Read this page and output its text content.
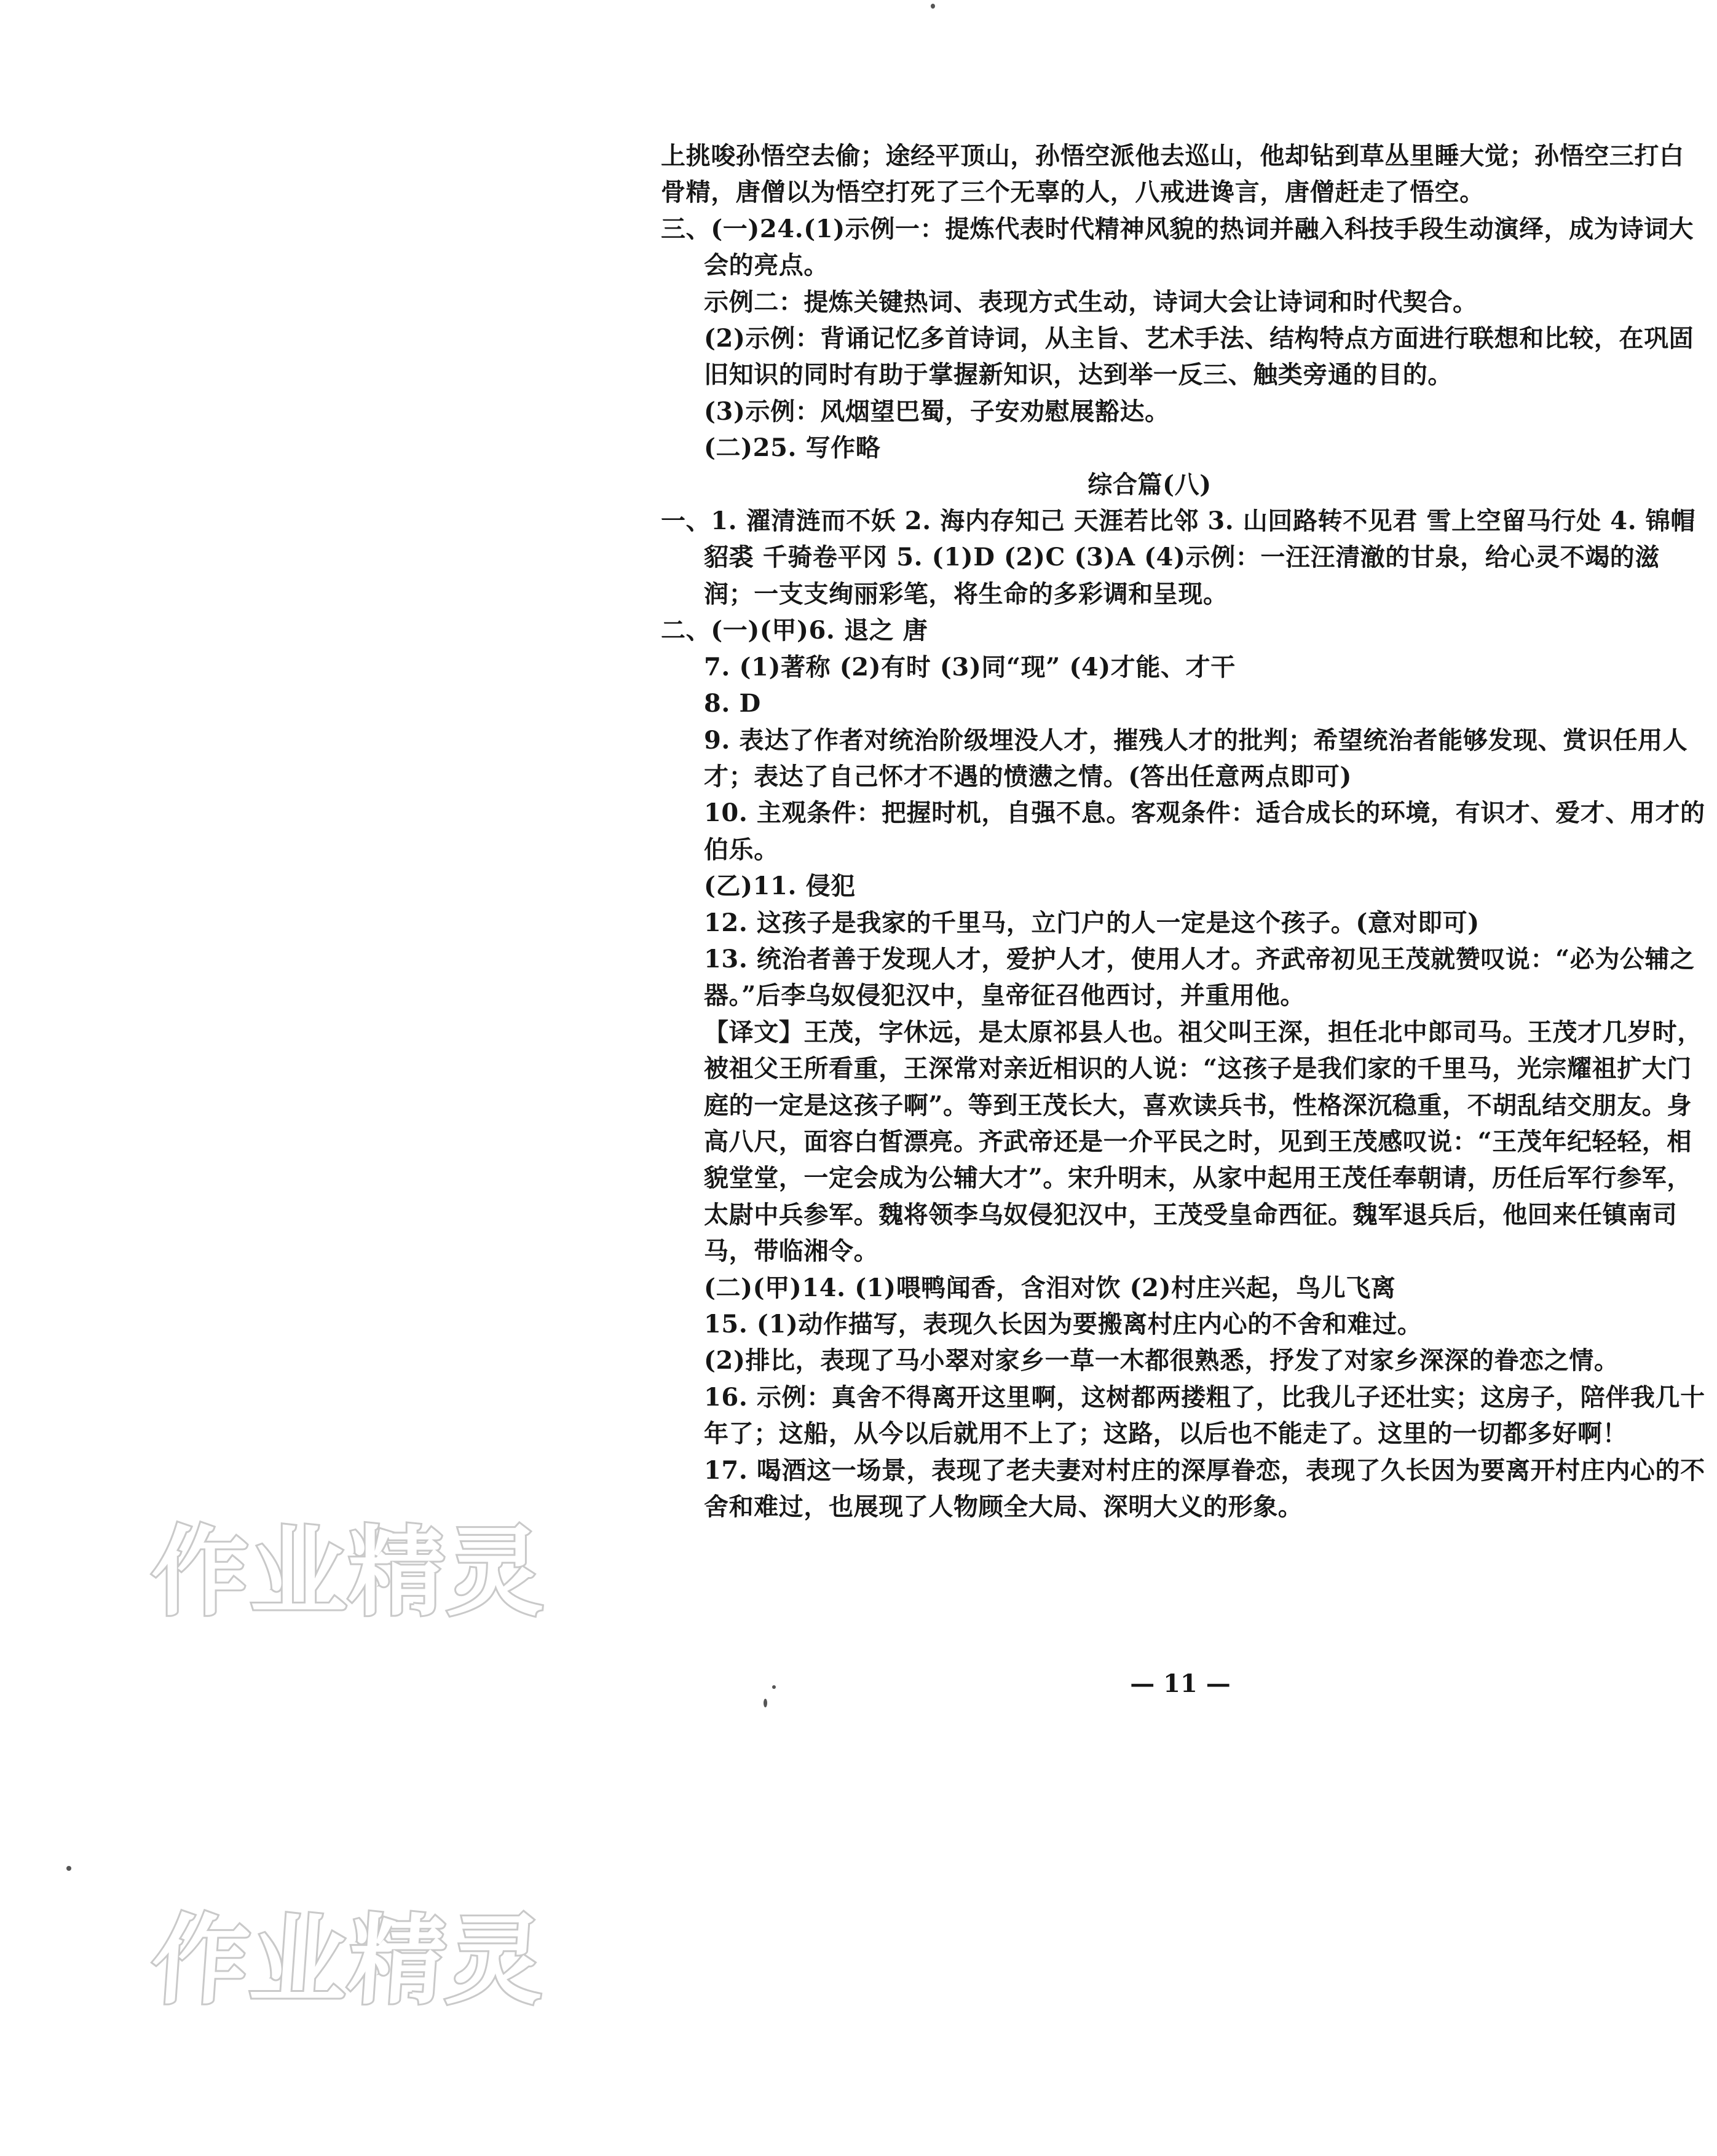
上挑唆孙悟空去偷；途经平顶山，孙悟空派他去巡山，他却钻到草丛里睡大觉；孙悟空三打白骨精，唐僧以为悟空打死了三个无辜的人，八戒进谗言，唐僧赶走了悟空。

三、(一)24.(1)示例一：提炼代表时代精神风貌的热词并融入科技手段生动演绎，成为诗词大会的亮点。

示例二：提炼关键热词、表现方式生动，诗词大会让诗词和时代契合。

(2)示例：背诵记忆多首诗词，从主旨、艺术手法、结构特点方面进行联想和比较，在巩固旧知识的同时有助于掌握新知识，达到举一反三、触类旁通的目的。

(3)示例：风烟望巴蜀，子安劝慰展豁达。

(二)25. 写作略

综合篇(八)

一、1. 濯清涟而不妖 2. 海内存知己 天涯若比邻 3. 山回路转不见君 雪上空留马行处 4. 锦帽貂裘 千骑卷平冈 5. (1)D (2)C (3)A (4)示例：一汪汪清澈的甘泉，给心灵不竭的滋润；一支支绚丽彩笔，将生命的多彩调和呈现。

二、(一)(甲)6. 退之 唐

7. (1)著称 (2)有时 (3)同“现” (4)才能、才干

8. D

9. 表达了作者对统治阶级埋没人才，摧残人才的批判；希望统治者能够发现、赏识任用人才；表达了自己怀才不遇的愤懑之情。(答出任意两点即可)

10. 主观条件：把握时机，自强不息。客观条件：适合成长的环境，有识才、爱才、用才的伯乐。

(乙)11. 侵犯

12. 这孩子是我家的千里马，立门户的人一定是这个孩子。(意对即可)

13. 统治者善于发现人才，爱护人才，使用人才。齐武帝初见王茂就赞叹说：“必为公辅之器。”后李乌奴侵犯汉中，皇帝征召他西讨，并重用他。

【译文】王茂，字休远，是太原祁县人也。祖父叫王深，担任北中郎司马。王茂才几岁时，被祖父王所看重，王深常对亲近相识的人说：“这孩子是我们家的千里马，光宗耀祖扩大门庭的一定是这孩子啊”。等到王茂长大，喜欢读兵书，性格深沉稳重，不胡乱结交朋友。身高八尺，面容白皙漂亮。齐武帝还是一介平民之时，见到王茂感叹说：“王茂年纪轻轻，相貌堂堂，一定会成为公辅大才”。宋升明末，从家中起用王茂任奉朝请，历任后军行参军，太尉中兵参军。魏将领李乌奴侵犯汉中，王茂受皇命西征。魏军退兵后，他回来任镇南司马，带临湘令。

(二)(甲)14. (1)喂鸭闻香，含泪对饮 (2)村庄兴起，鸟儿飞离

15. (1)动作描写，表现久长因为要搬离村庄内心的不舍和难过。

(2)排比，表现了马小翠对家乡一草一木都很熟悉，抒发了对家乡深深的眷恋之情。

16. 示例：真舍不得离开这里啊，这树都两搂粗了，比我儿子还壮实；这房子，陪伴我几十年了；这船，从今以后就用不上了；这路，以后也不能走了。这里的一切都多好啊！

17. 喝酒这一场景，表现了老夫妻对村庄的深厚眷恋，表现了久长因为要离开村庄内心的不舍和难过，也展现了人物顾全大局、深明大义的形象。

— 11 —
作业精灵
作业精灵
